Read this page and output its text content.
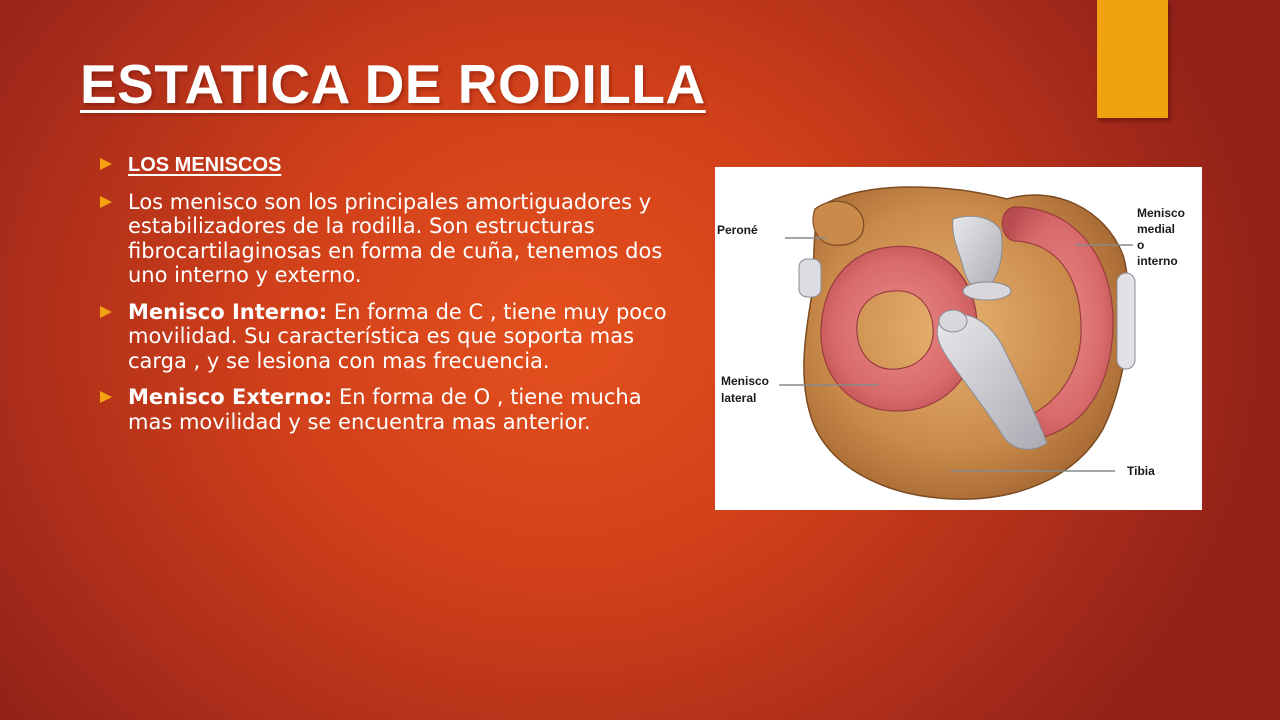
ESTATICA DE RODILLA
LOS MENISCOS
Los menisco son los principales amortiguadores y estabilizadores de la rodilla. Son estructuras fibrocartilaginosas en forma de cuña, tenemos dos uno interno y externo.
Menisco Interno: En forma de C , tiene muy poco movilidad. Su característica es que soporta mas carga , y se lesiona con mas frecuencia.
Menisco Externo: En forma de O , tiene mucha mas movilidad y se encuentra mas anterior.
Peroné
Menisco
medial
o
interno
Menisco
lateral
Tibia
